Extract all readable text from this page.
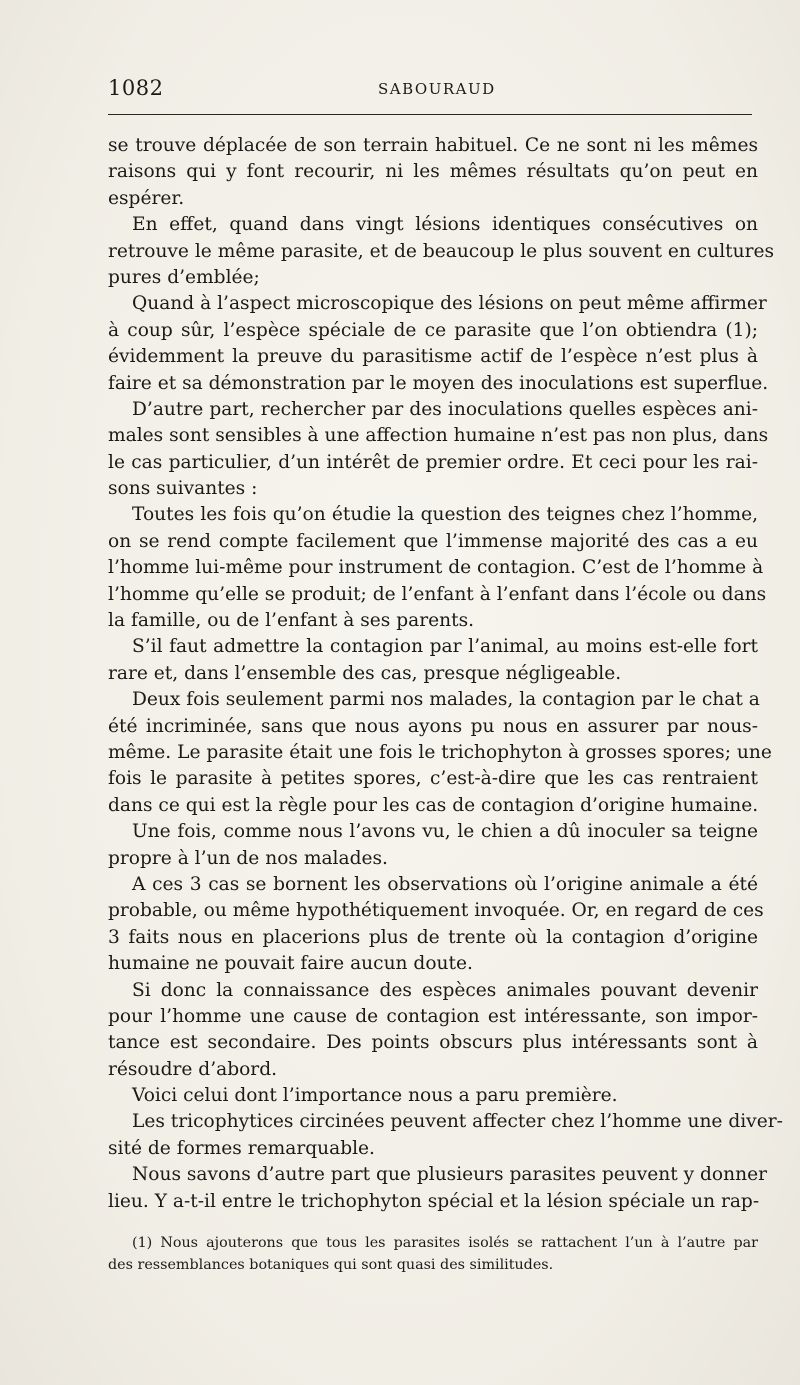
1082	SABOURAUD
se trouve déplacée de son terrain habituel. Ce ne sont ni les mêmes
raisons qui y font recourir, ni les mêmes résultats qu’on peut en
espérer.
En effet, quand dans vingt lésions identiques consécutives on
retrouve le même parasite, et de beaucoup le plus souvent en cultures
pures d’emblée;
Quand à l’aspect microscopique des lésions on peut même affirmer
à coup sûr, l’espèce spéciale de ce parasite que l’on obtiendra (1);
évidemment la preuve du parasitisme actif de l’espèce n’est plus à
faire et sa démonstration par le moyen des inoculations est superflue.
D’autre part, rechercher par des inoculations quelles espèces ani-
males sont sensibles à une affection humaine n’est pas non plus, dans
le cas particulier, d’un intérêt de premier ordre. Et ceci pour les rai-
sons suivantes :
Toutes les fois qu’on étudie la question des teignes chez l’homme,
on se rend compte facilement que l’immense majorité des cas a eu
l’homme lui-même pour instrument de contagion. C’est de l’homme à
l’homme qu’elle se produit; de l’enfant à l’enfant dans l’école ou dans
la famille, ou de l’enfant à ses parents.
S’il faut admettre la contagion par l’animal, au moins est-elle fort
rare et, dans l’ensemble des cas, presque négligeable.
Deux fois seulement parmi nos malades, la contagion par le chat a
été incriminée, sans que nous ayons pu nous en assurer par nous-
même. Le parasite était une fois le trichophyton à grosses spores; une
fois le parasite à petites spores, c’est-à-dire que les cas rentraient
dans ce qui est la règle pour les cas de contagion d’origine humaine.
Une fois, comme nous l’avons vu, le chien a dû inoculer sa teigne
propre à l’un de nos malades.
A ces 3 cas se bornent les observations où l’origine animale a été
probable, ou même hypothétiquement invoquée. Or, en regard de ces
3 faits nous en placerions plus de trente où la contagion d’origine
humaine ne pouvait faire aucun doute.
Si donc la connaissance des espèces animales pouvant devenir
pour l’homme une cause de contagion est intéressante, son impor-
tance est secondaire. Des points obscurs plus intéressants sont à
résoudre d’abord.
Voici celui dont l’importance nous a paru première.
Les tricophytices circinées peuvent affecter chez l’homme une diver-
sité de formes remarquable.
Nous savons d’autre part que plusieurs parasites peuvent y donner
lieu. Y a-t-il entre le trichophyton spécial et la lésion spéciale un rap-
(1) Nous ajouterons que tous les parasites isolés se rattachent l’un à l’autre par
des ressemblances botaniques qui sont quasi des similitudes.
